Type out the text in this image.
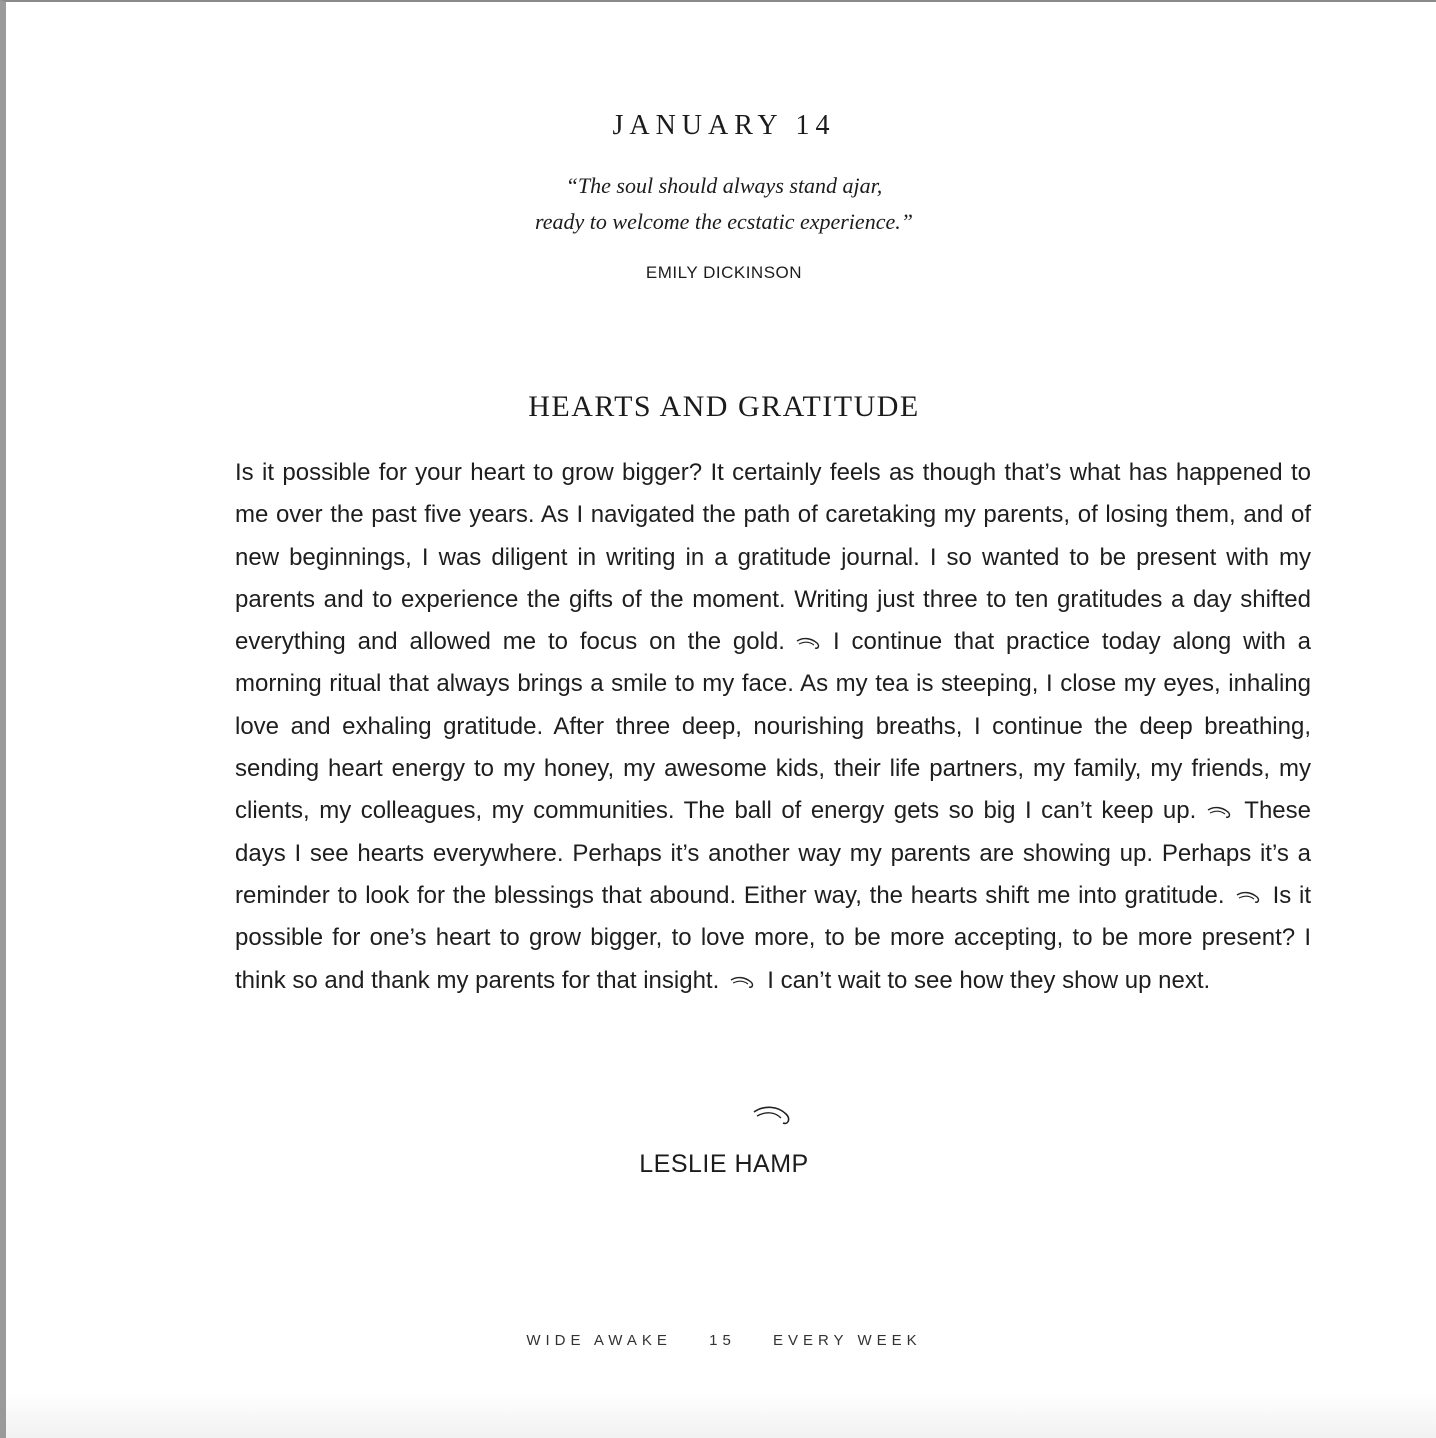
JANUARY 14
“The soul should always stand ajar,
ready to welcome the ecstatic experience.”
EMILY DICKINSON
HEARTS AND GRATITUDE
Is it possible for your heart to grow bigger? It certainly feels as though that’s what has happened to me over the past five years. As I navigated the path of caretaking my parents, of losing them, and of new beginnings, I was diligent in writing in a gratitude journal. I so wanted to be present with my parents and to experience the gifts of the moment. Writing just three to ten gratitudes a day shifted everything and allowed me to focus on the gold. I continue that practice today along with a morning ritual that always brings a smile to my face. As my tea is steeping, I close my eyes, inhaling love and exhaling gratitude. After three deep, nourishing breaths, I continue the deep breathing, sending heart energy to my honey, my awesome kids, their life partners, my family, my friends, my clients, my colleagues, my communities. The ball of energy gets so big I can’t keep up. These days I see hearts everywhere. Perhaps it’s another way my parents are showing up. Perhaps it’s a reminder to look for the blessings that abound. Either way, the hearts shift me into gratitude. Is it possible for one’s heart to grow bigger, to love more, to be more accepting, to be more present? I think so and thank my parents for that insight. I can’t wait to see how they show up next.
LESLIE HAMP
WIDE AWAKE 15 EVERY WEEK
